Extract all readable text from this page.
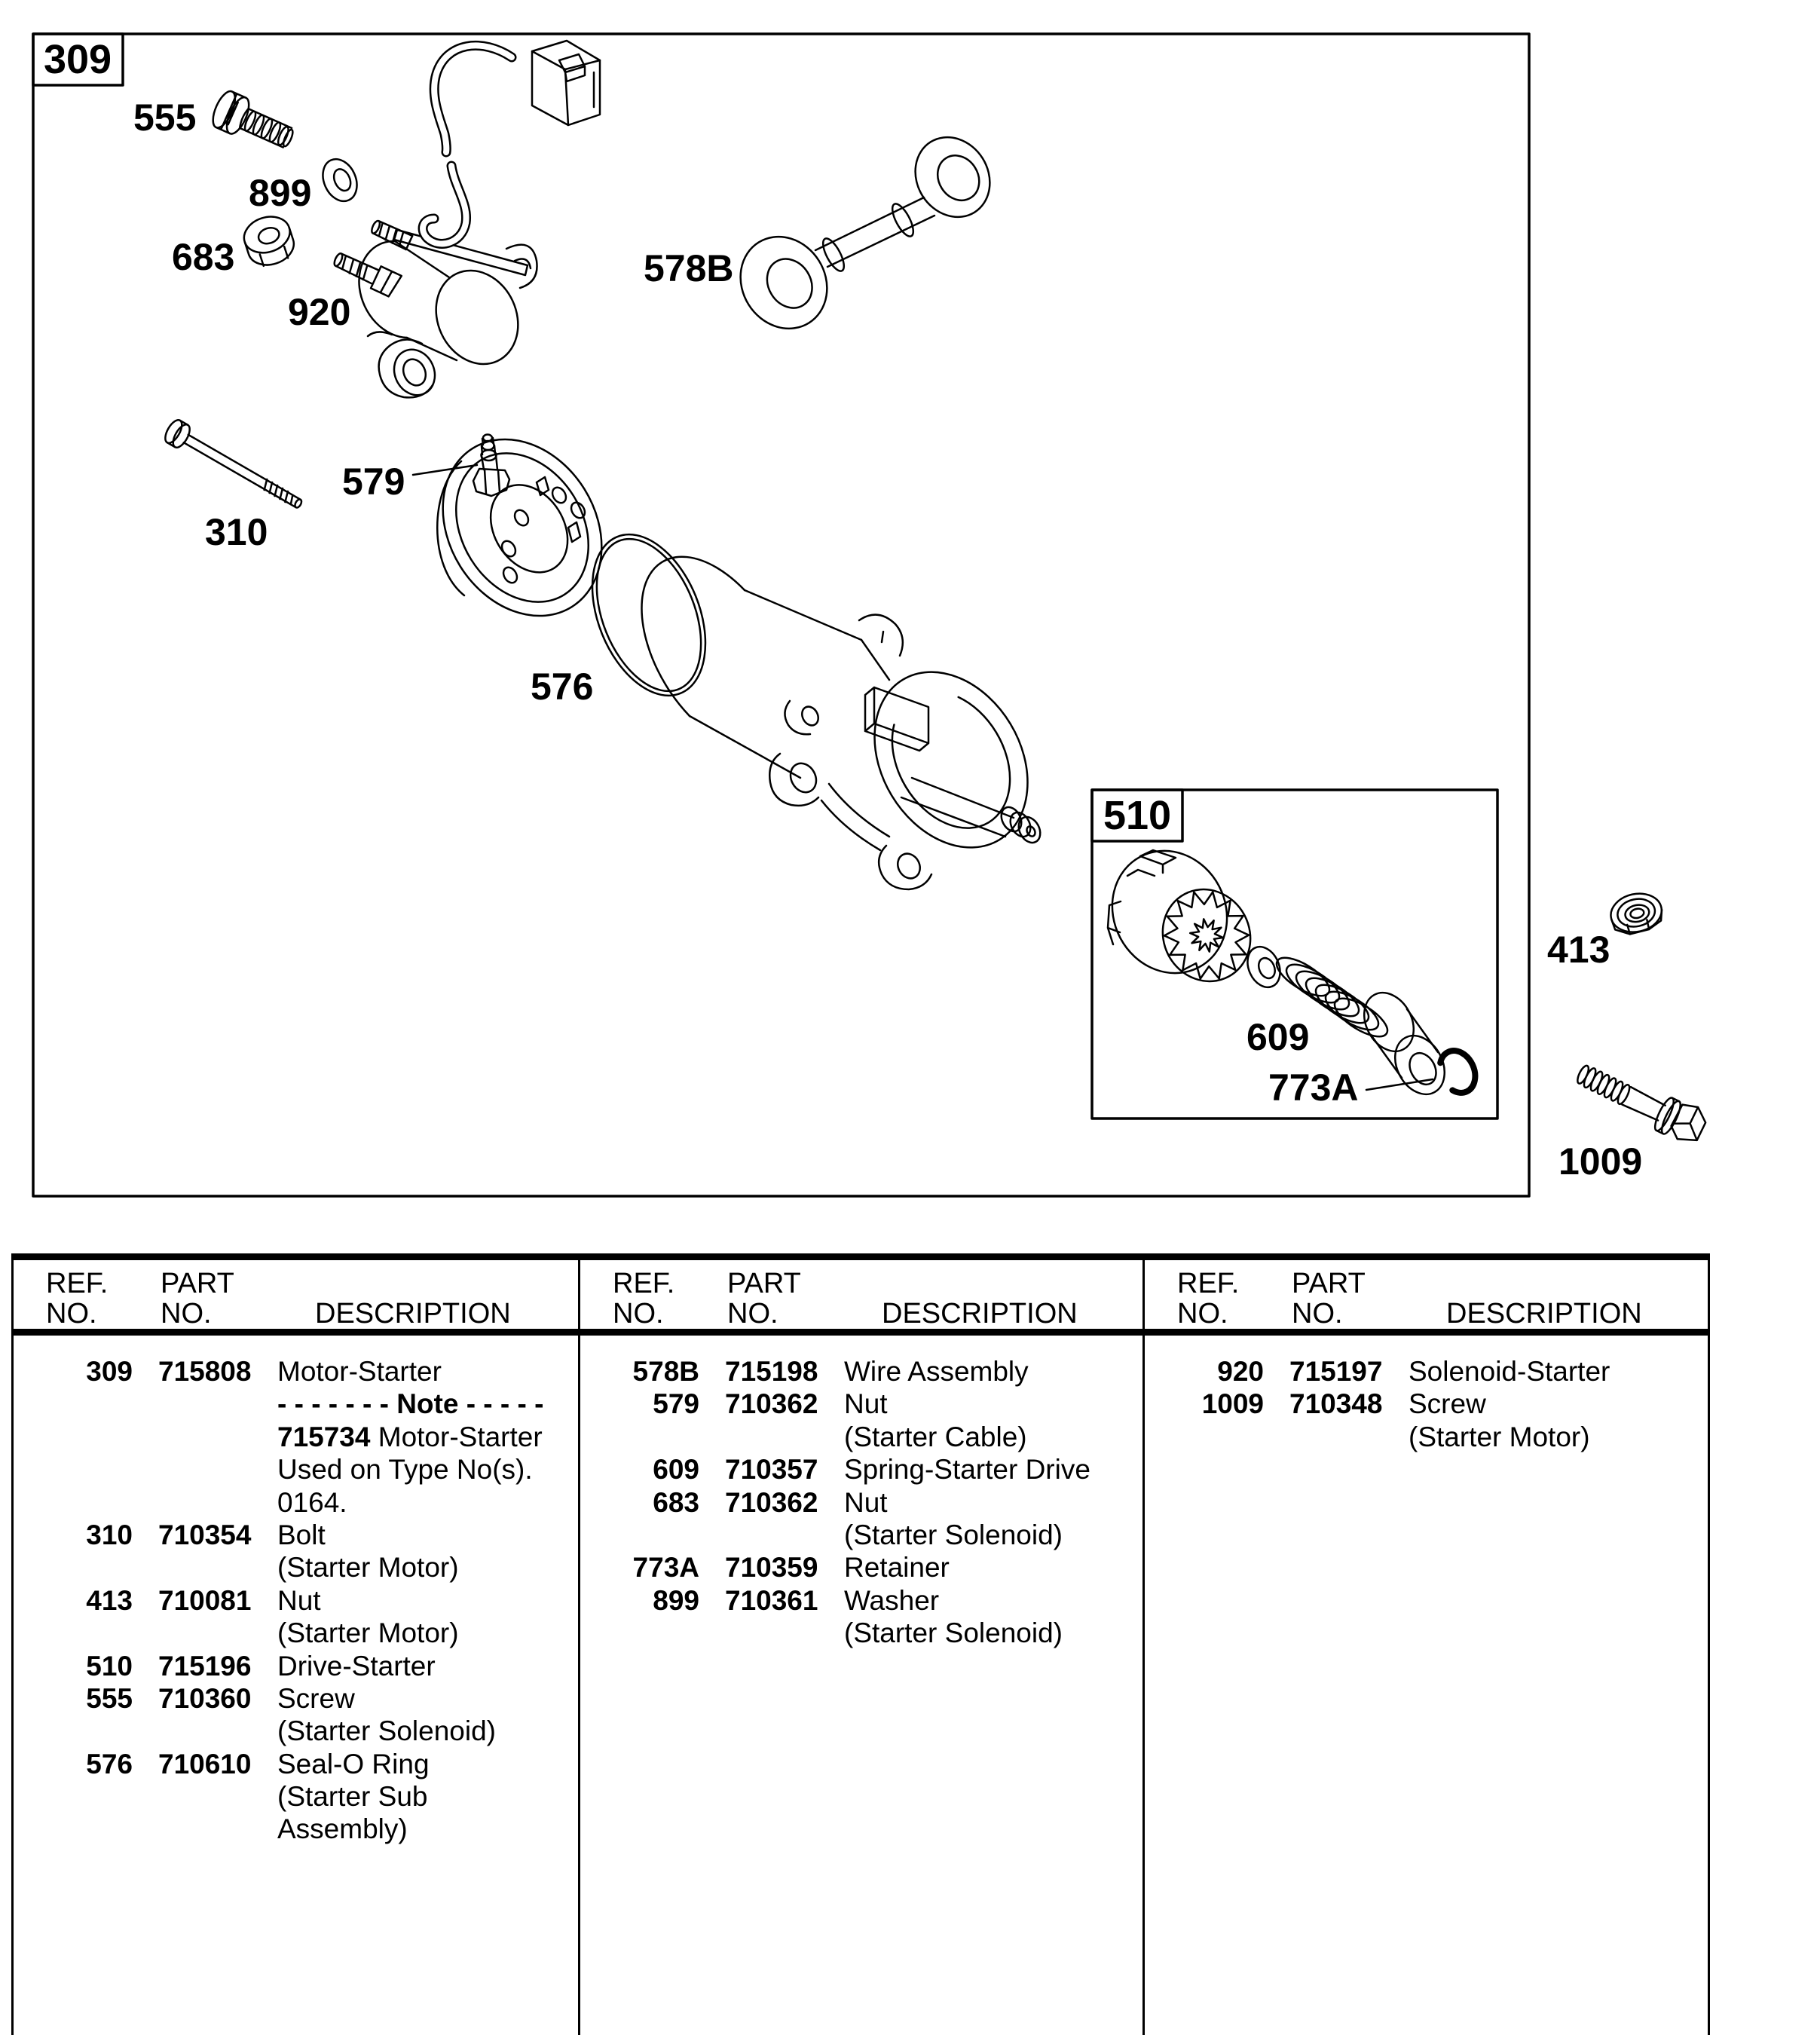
309
510
555
899
683
920
578B
579
310
576
609
773A
413
1009
REF.
NO.
PART
NO.	DESCRIPTION
309 715808 Motor-Starter
- - - - - - - Note - - - - -
715734 Motor-Starter
Used on Type No(s).
0164.
310 710354 Bolt
(Starter Motor)
413 710081 Nut
(Starter Motor)
510 715196 Drive-Starter
555 710360 Screw
(Starter Solenoid)
576 710610 Seal-O Ring
(Starter Sub
Assembly)
REF.
NO.
PART
NO.	DESCRIPTION
578B 715198 Wire Assembly
579 710362 Nut
(Starter Cable)
609 710357 Spring-Starter Drive
683 710362 Nut
(Starter Solenoid)
773A 710359 Retainer
899 710361 Washer
(Starter Solenoid)
REF.
NO.
PART
NO.	DESCRIPTION
920 715197 Solenoid-Starter
1009 710348 Screw
(Starter Motor)
